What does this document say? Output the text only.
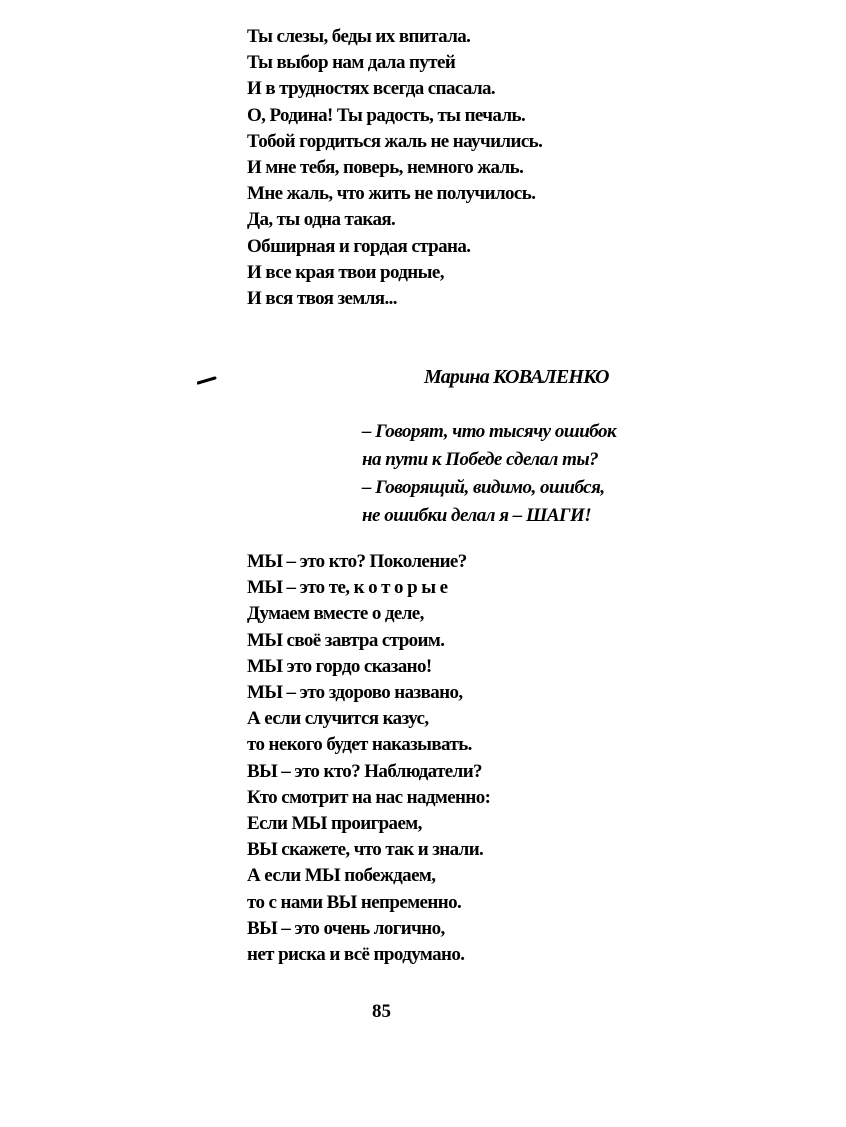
Ты слезы, беды их впитала.
Ты выбор нам дала путей
И в трудностях всегда спасала.
О, Родина! Ты радость, ты печаль.
Тобой гордиться жаль не научились.
И мне тебя, поверь, немного жаль.
Мне жаль, что жить не получилось.
Да, ты одна такая.
Обширная и гордая страна.
И все края твои родные,
И вся твоя земля...
Марина КОВАЛЕНКО
– Говорят, что тысячу ошибок
на пути к Победе сделал ты?
– Говорящий, видимо, ошибся,
не ошибки делал я – ШАГИ!
МЫ – это кто? Поколение?
МЫ – это те, к о т о р ы е
Думаем вместе о деле,
МЫ своё завтра строим.
МЫ это гордо сказано!
МЫ – это здорово названо,
А если случится казус,
то некого будет наказывать.
ВЫ – это кто? Наблюдатели?
Кто смотрит на нас надменно:
Если МЫ проиграем,
ВЫ скажете, что так и знали.
А если МЫ побеждаем,
то с нами ВЫ непременно.
ВЫ – это очень логично,
нет риска и всё продумано.
85
